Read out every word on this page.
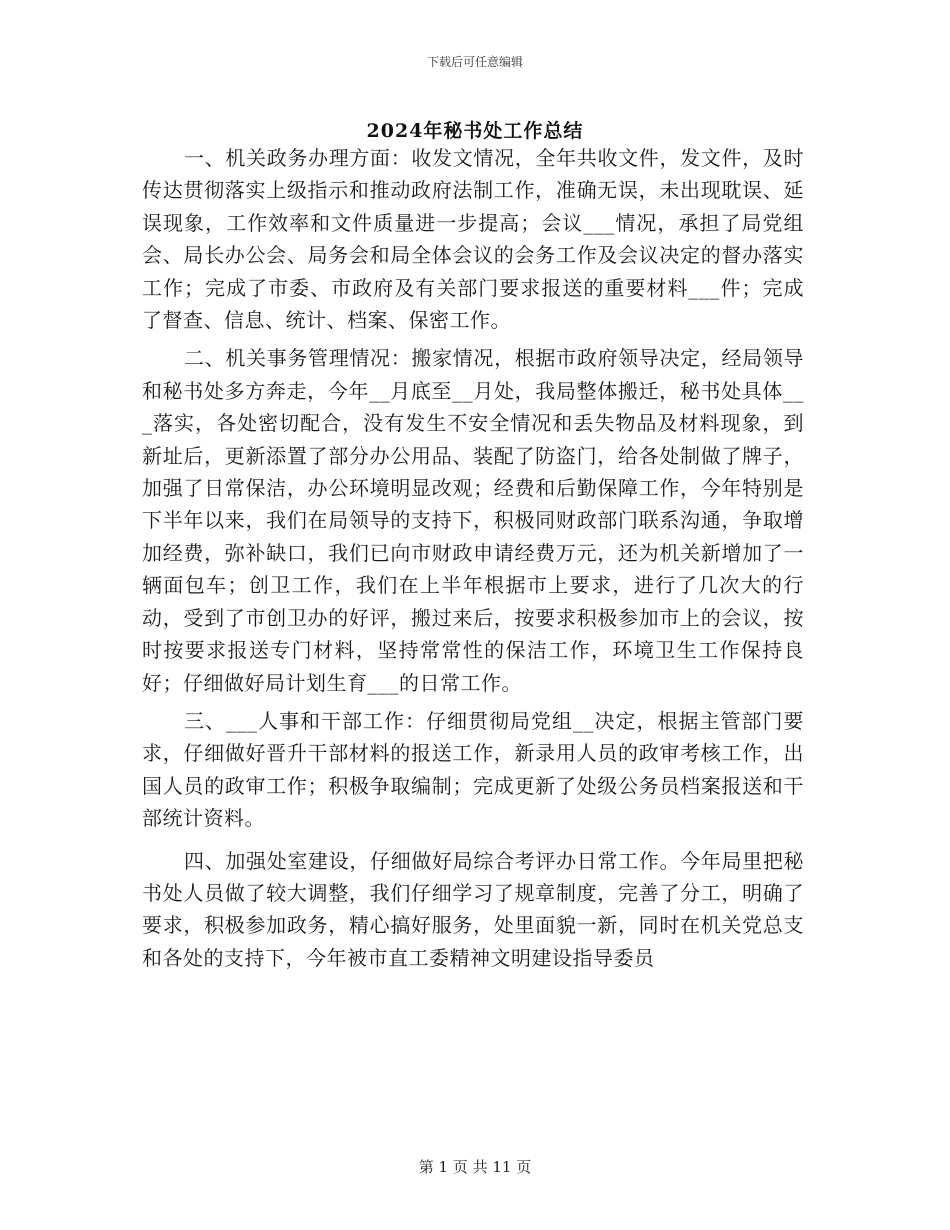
下载后可任意编辑
2024年秘书处工作总结

一、机关政务办理方面：收发文情况，全年共收文件，发文件，及时传达贯彻落实上级指示和推动政府法制工作，准确无误，未出现耽误、延误现象，工作效率和文件质量进一步提高；会议___情况，承担了局党组会、局长办公会、局务会和局全体会议的会务工作及会议决定的督办落实工作；完成了市委、市政府及有关部门要求报送的重要材料___件；完成了督查、信息、统计、档案、保密工作。

二、机关事务管理情况：搬家情况，根据市政府领导决定，经局领导和秘书处多方奔走，今年__月底至__月处，我局整体搬迁，秘书处具体___落实，各处密切配合，没有发生不安全情况和丢失物品及材料现象，到新址后，更新添置了部分办公用品、装配了防盗门，给各处制做了牌子，加强了日常保洁，办公环境明显改观；经费和后勤保障工作，今年特别是下半年以来，我们在局领导的支持下，积极同财政部门联系沟通，争取增加经费，弥补缺口，我们已向市财政申请经费万元，还为机关新增加了一辆面包车；创卫工作，我们在上半年根据市上要求，进行了几次大的行动，受到了市创卫办的好评，搬过来后，按要求积极参加市上的会议，按时按要求报送专门材料，坚持常常性的保洁工作，环境卫生工作保持良好；仔细做好局计划生育___的日常工作。

三、___人事和干部工作：仔细贯彻局党组__决定，根据主管部门要求，仔细做好晋升干部材料的报送工作，新录用人员的政审考核工作，出国人员的政审工作；积极争取编制；完成更新了处级公务员档案报送和干部统计资料。

四、加强处室建设，仔细做好局综合考评办日常工作。今年局里把秘书处人员做了较大调整，我们仔细学习了规章制度，完善了分工，明确了要求，积极参加政务，精心搞好服务，处里面貌一新，同时在机关党总支和各处的支持下，今年被市直工委精神文明建设指导委员

第 1 页 共 11 页
